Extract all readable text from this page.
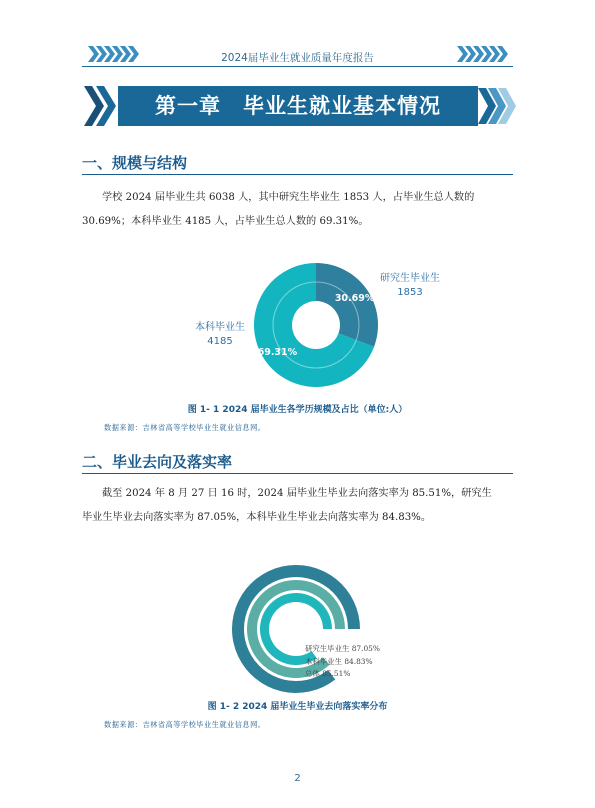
2024届毕业生就业质量年度报告
第一章　毕业生就业基本情况
一、规模与结构
学校 2024 届毕业生共 6038 人，其中研究生毕业生 1853 人，占毕业生总人数的
30.69%；本科毕业生 4185 人，占毕业生总人数的 69.31%。
30.69%
69.31%
研究生毕业生
1853
本科毕业生
4185
图 1- 1 2024 届毕业生各学历规模及占比（单位:人）
数据来源：吉林省高等学校毕业生就业信息网。
二、毕业去向及落实率
截至 2024 年 8 月 27 日 16 时，2024 届毕业生毕业去向落实率为 85.51%，研究生
毕业生毕业去向落实率为 87.05%，本科毕业生毕业去向落实率为 84.83%。
研究生毕业生 87.05%
本科毕业生 84.83%
总体 85.51%
图 1- 2 2024 届毕业生毕业去向落实率分布
数据来源：吉林省高等学校毕业生就业信息网。
2
